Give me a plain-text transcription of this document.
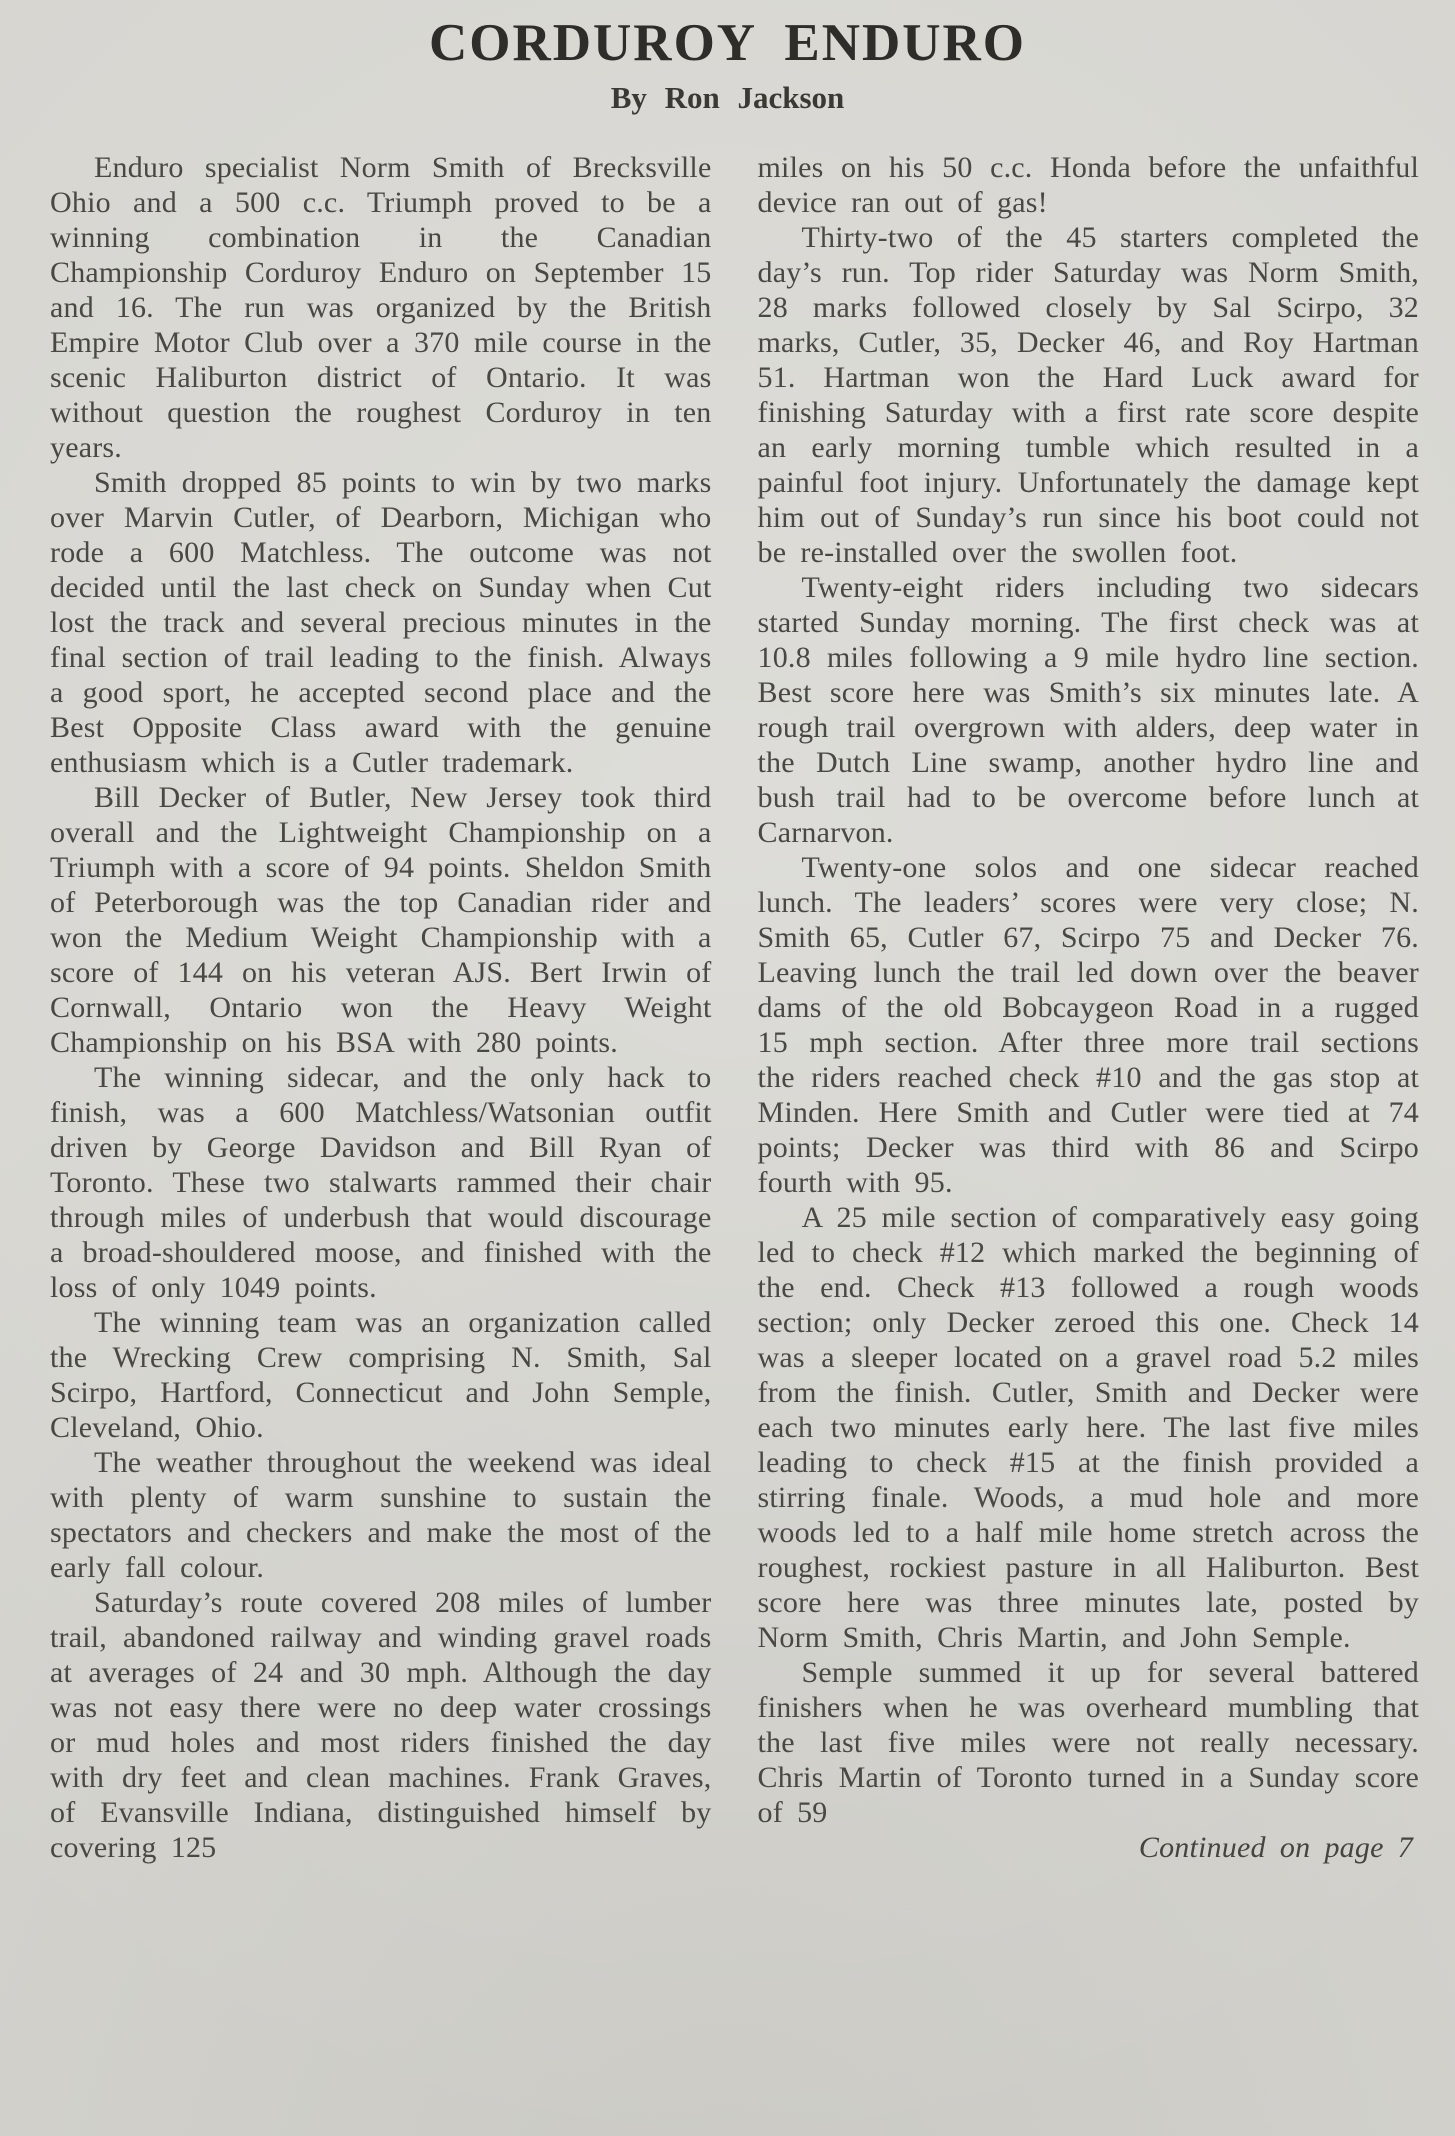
CORDUROY ENDURO

By Ron Jackson

Enduro specialist Norm Smith of Brecksville Ohio and a 500 c.c. Triumph proved to be a winning combination in the Canadian Championship Corduroy Enduro on September 15 and 16. The run was organized by the British Empire Motor Club over a 370 mile course in the scenic Haliburton district of Ontario. It was without question the roughest Corduroy in ten years.

Smith dropped 85 points to win by two marks over Marvin Cutler, of Dearborn, Michigan who rode a 600 Matchless. The outcome was not decided until the last check on Sunday when Cut lost the track and several precious minutes in the final section of trail leading to the finish. Always a good sport, he accepted second place and the Best Opposite Class award with the genuine enthusiasm which is a Cutler trademark.

Bill Decker of Butler, New Jersey took third overall and the Lightweight Championship on a Triumph with a score of 94 points. Sheldon Smith of Peterborough was the top Canadian rider and won the Medium Weight Championship with a score of 144 on his veteran AJS. Bert Irwin of Cornwall, Ontario won the Heavy Weight Championship on his BSA with 280 points.

The winning sidecar, and the only hack to finish, was a 600 Matchless/Watsonian outfit driven by George Davidson and Bill Ryan of Toronto. These two stalwarts rammed their chair through miles of underbush that would discourage a broad-shouldered moose, and finished with the loss of only 1049 points.

The winning team was an organization called the Wrecking Crew comprising N. Smith, Sal Scirpo, Hartford, Connecticut and John Semple, Cleveland, Ohio.

The weather throughout the weekend was ideal with plenty of warm sunshine to sustain the spectators and checkers and make the most of the early fall colour.

Saturday’s route covered 208 miles of lumber trail, abandoned railway and winding gravel roads at averages of 24 and 30 mph. Although the day was not easy there were no deep water crossings or mud holes and most riders finished the day with dry feet and clean machines. Frank Graves, of Evansville Indiana, distinguished himself by covering 125

miles on his 50 c.c. Honda before the unfaithful device ran out of gas!

Thirty-two of the 45 starters completed the day’s run. Top rider Saturday was Norm Smith, 28 marks followed closely by Sal Scirpo, 32 marks, Cutler, 35, Decker 46, and Roy Hartman 51. Hartman won the Hard Luck award for finishing Saturday with a first rate score despite an early morning tumble which resulted in a painful foot injury. Unfortunately the damage kept him out of Sunday’s run since his boot could not be re-installed over the swollen foot.

Twenty-eight riders including two sidecars started Sunday morning. The first check was at 10.8 miles following a 9 mile hydro line section. Best score here was Smith’s six minutes late. A rough trail overgrown with alders, deep water in the Dutch Line swamp, another hydro line and bush trail had to be overcome before lunch at Carnarvon.

Twenty-one solos and one sidecar reached lunch. The leaders’ scores were very close; N. Smith 65, Cutler 67, Scirpo 75 and Decker 76. Leaving lunch the trail led down over the beaver dams of the old Bobcaygeon Road in a rugged 15 mph section. After three more trail sections the riders reached check #10 and the gas stop at Minden. Here Smith and Cutler were tied at 74 points; Decker was third with 86 and Scirpo fourth with 95.

A 25 mile section of comparatively easy going led to check #12 which marked the beginning of the end. Check #13 followed a rough woods section; only Decker zeroed this one. Check 14 was a sleeper located on a gravel road 5.2 miles from the finish. Cutler, Smith and Decker were each two minutes early here. The last five miles leading to check #15 at the finish provided a stirring finale. Woods, a mud hole and more woods led to a half mile home stretch across the roughest, rockiest pasture in all Haliburton. Best score here was three minutes late, posted by Norm Smith, Chris Martin, and John Semple.

Semple summed it up for several battered finishers when he was overheard mumbling that the last five miles were not really necessary. Chris Martin of Toronto turned in a Sunday score of 59

Continued on page 7
